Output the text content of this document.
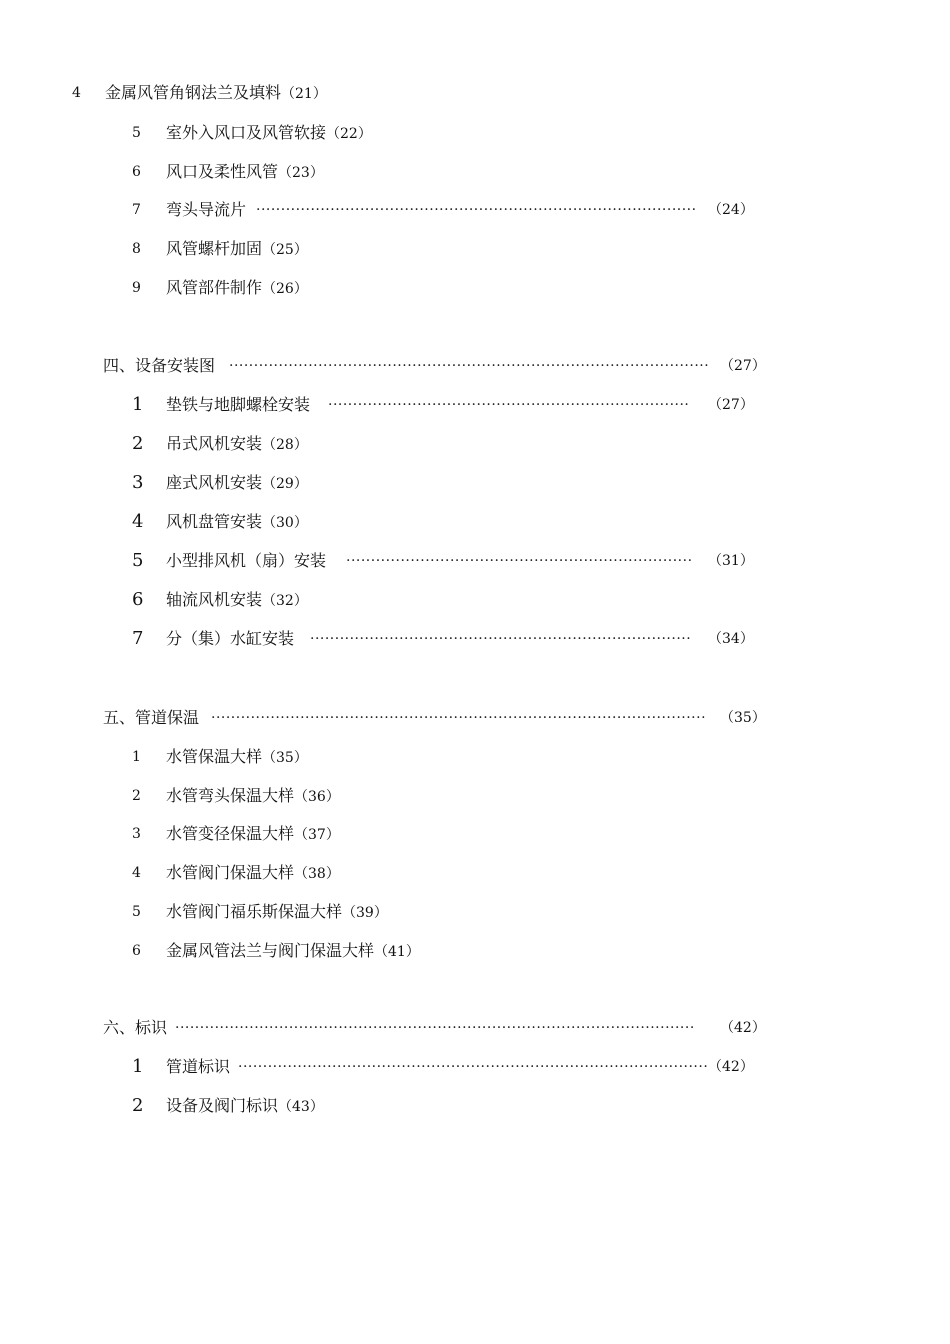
4 金属风管角钢法兰及填料（21）
5 室外入风口及风管软接（22）
6 风口及柔性风管（23）
7 弯头导流片 ························································································· （24）
8 风管螺杆加固（25）
9 风管部件制作（26）
四、设备安装图 ································································································· （27）
1 垫铁与地脚螺栓安装 ·········································································	（27）
2 吊式风机安装（28）
3 座式风机安装（29）
4 风机盘管安装（30）
5 小型排风机（扇）安装 ······································································	（31）
6 轴流风机安装（32）
7 分（集）水缸安装 ·············································································	（34）
五、管道保温 ···································································································· （35）
1 水管保温大样（35）
2 水管弯头保温大样（36）
3 水管变径保温大样（37）
4 水管阀门保温大样（38）
5 水管阀门福乐斯保温大样（39）
6 金属风管法兰与阀门保温大样（41）
六、标识 ·········································································································	（42）
1 管道标识 ······························································································· （42）
2 设备及阀门标识（43）
